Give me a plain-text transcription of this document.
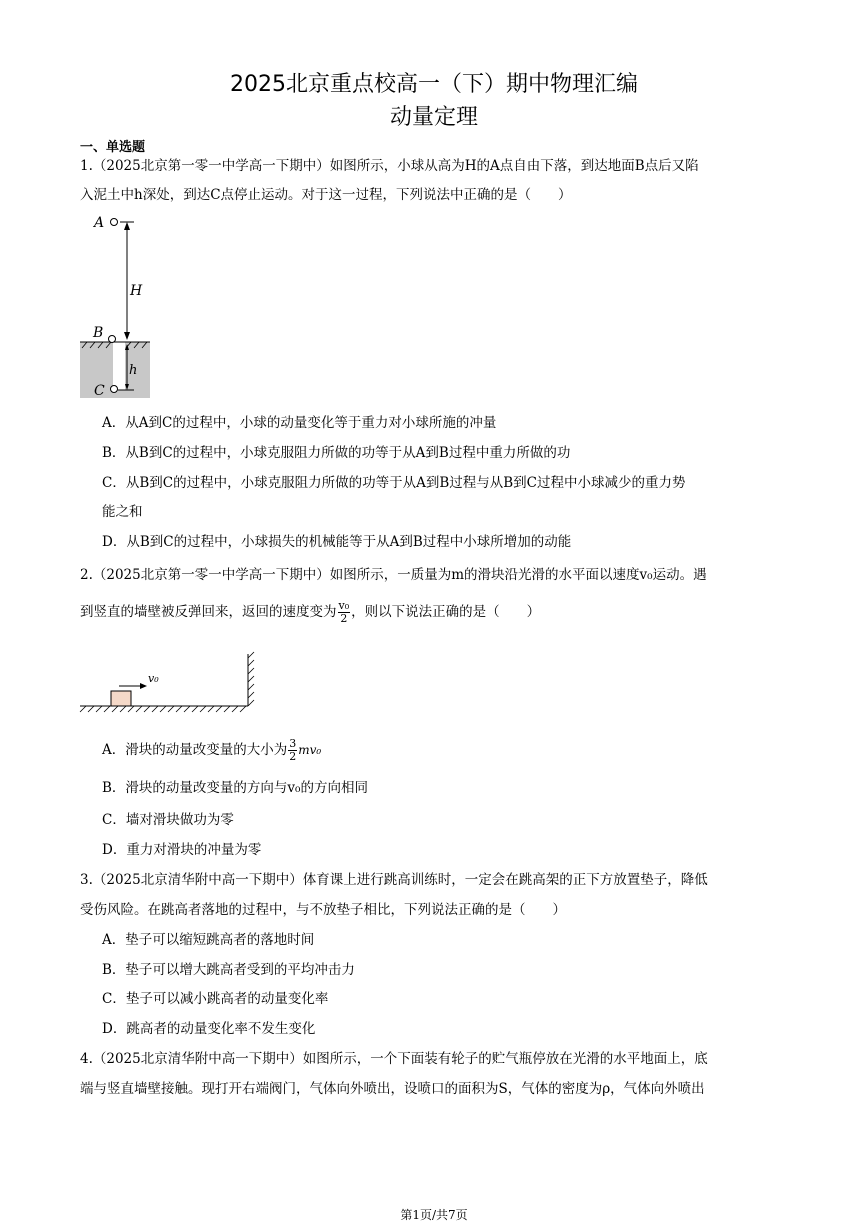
2025北京重点校高一（下）期中物理汇编
动量定理
一、单选题
1.（2025北京第一零一中学高一下期中）如图所示，小球从高为H的A点自由下落，到达地面B点后又陷
入泥土中h深处，到达C点停止运动。对于这一过程，下列说法中正确的是（　　）
A
H
B
h
C
A．从A到C的过程中，小球的动量变化等于重力对小球所施的冲量
B．从B到C的过程中，小球克服阻力所做的功等于从A到B过程中重力所做的功
C．从B到C的过程中，小球克服阻力所做的功等于从A到B过程与从B到C过程中小球减少的重力势
能之和
D．从B到C的过程中，小球损失的机械能等于从A到B过程中小球所增加的动能
2.（2025北京第一零一中学高一下期中）如图所示，一质量为m的滑块沿光滑的水平面以速度v₀运动。遇
到竖直的墙壁被反弹回来，返回的速度变为 $\frac{\text{v₀}}{2}$ ，则以下说法正确的是（　　）
v₀
A．滑块的动量改变量的大小为 $\frac{3}{2} mv_0$
B．滑块的动量改变量的方向与v₀的方向相同
C．墙对滑块做功为零
D．重力对滑块的冲量为零
3.（2025北京清华附中高一下期中）体育课上进行跳高训练时，一定会在跳高架的正下方放置垫子，降低
受伤风险。在跳高者落地的过程中，与不放垫子相比，下列说法正确的是（　　）
A．垫子可以缩短跳高者的落地时间
B．垫子可以增大跳高者受到的平均冲击力
C．垫子可以减小跳高者的动量变化率
D．跳高者的动量变化率不发生变化
4.（2025北京清华附中高一下期中）如图所示，一个下面装有轮子的贮气瓶停放在光滑的水平地面上，底
端与竖直墙壁接触。现打开右端阀门，气体向外喷出，设喷口的面积为S，气体的密度为ρ，气体向外喷出
第1页/共7页
